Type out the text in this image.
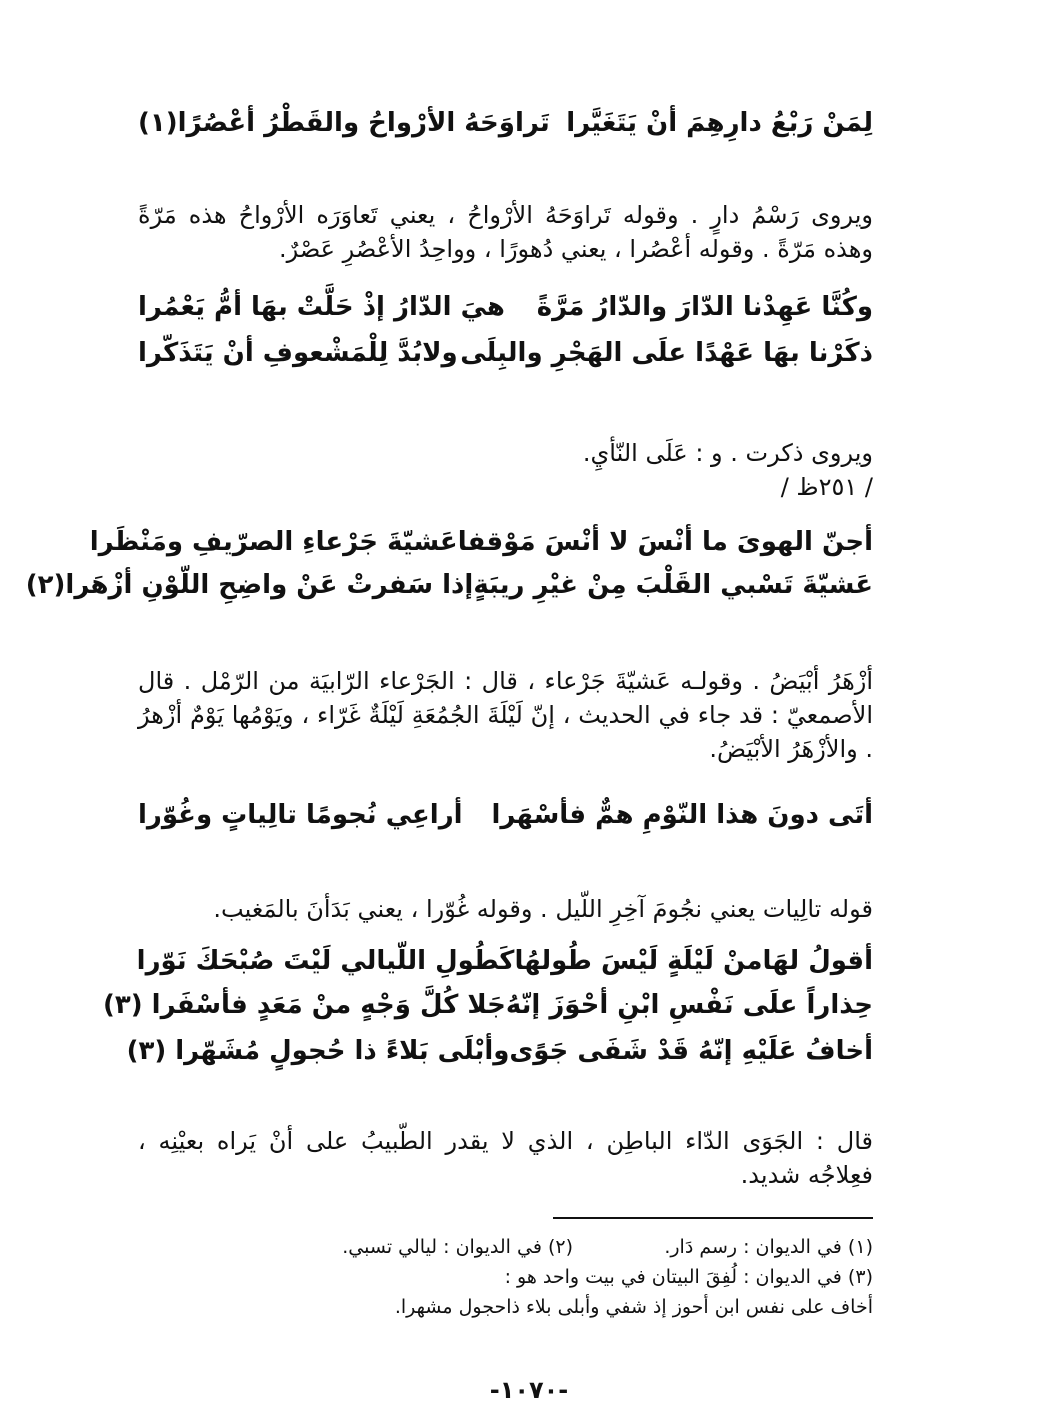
لِمَنْ رَبْعُ دارِهِمَ أنْ يَتَغَيَّرا
تَراوَحَهُ الأرْواحُ والقَطْرُ أعْصُرًا(١)

ويروى رَسْمُ دارٍ . وقوله تَراوَحَهُ الأرْواحُ ، يعني تَعاوَرَه الأرْواحُ هذه مَرّةً وهذه مَرّةً . وقوله أعْصُرا ، يعني دُهورًا ، وواحِدُ الأعْصُرِ عَصْرٌ.

وكُنَّا عَهِدْنا الدّارَ والدّارُ مَرَّةً
هيَ الدّارُ إذْ حَلَّتْ بهَا أمُّ يَعْمُرا
ذكَرْنا بهَا عَهْدًا علَى الهَجْرِ والبِلَى
ولابُدَّ لِلْمَشْعوفِ أنْ يَتَذَكّرا

ويروى ذكرت . و : عَلَى النّأيِ.

/ ٢٥١ظ /

أجنّ الهوىَ ما أنْسَ لا أنْسَ مَوْقفا
عَشيّةَ جَرْعاءِ الصرّيفِ ومَنْظَرا
عَشيّةَ تَسْبي القَلْبَ مِنْ غيْرِ ريبَةٍ
إذا سَفرتْ عَنْ واضِحِ اللّوْنِ أزْهَرا(٢)

أزْهَرُ أبْيَضُ . وقولـه عَشيّةَ جَرْعاء ، قال : الجَرْعاء الرّابيَة من الرّمْل . قال الأصمعيّ : قد جاء في الحديث ، إنّ لَيْلَةَ الجُمُعَةِ لَيْلَةٌ غَرّاء ، ويَوْمُها يَوْمٌ أزْهرُ . والأزْهَرُ الأبْيَضُ.

أتَى دونَ هذا النّوْمِ همٌّ فأسْهَرا
أراعِي نُجومًا تالِياتٍ وغُوّرا

قوله تالِيات يعني نجُومَ آخِرِ اللّيل . وقوله غُوّرا ، يعني بَدَأنَ بالمَغيب.

أقولُ لهَامنْ لَيْلَةٍ لَيْسَ طُولهُا
كَطُولِ اللّيالي لَيْتَ صُبْحَكَ نَوّرا
حِذاراً علَى نَفْسِ ابْنِ أحْوَزَ إنّهُ
جَلا كُلَّ وَجْهٍ منْ مَعَدٍ فأسْفَرا (٣)
أخافُ عَلَيْهِ إنّهُ قَدْ شَفَى جَوًى
وأبْلَى بَلاءً ذا حُجولٍ مُشَهّرا (٣)

قال : الجَوَى الدّاء الباطِن ، الذي لا يقدر الطّبيبُ على أنْ يَراه بعيْنِه ، فعِلاجُه شديد.

(١) في الديوان : رسم دَار.
(٢) في الديوان : ليالي تسبي.
(٣) في الديوان : لُفِقَ البيتان في بيت واحد هو :
أخاف على نفس ابن أحوز إذ شفي وأبلى بلاء ذاحجول مشهرا.
-١٠٧٠-
